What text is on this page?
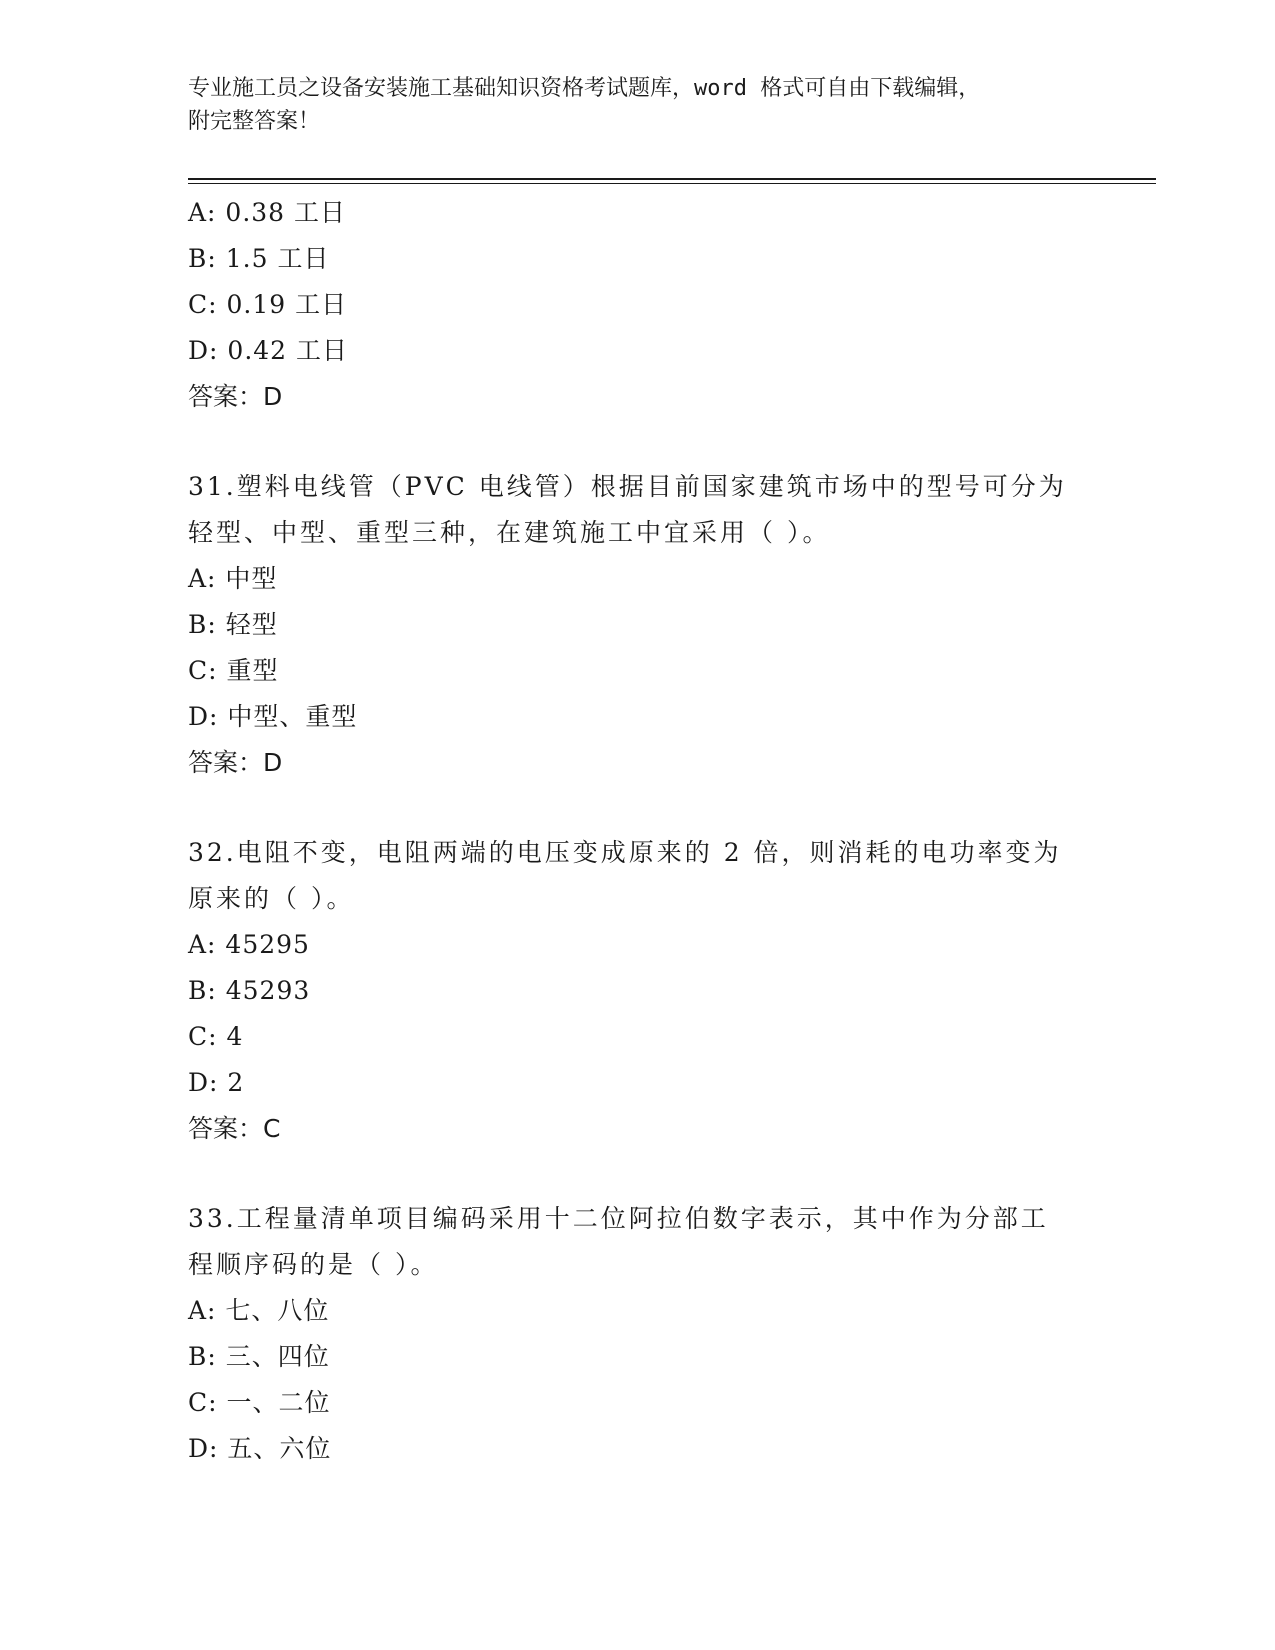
专业施工员之设备安装施工基础知识资格考试题库，word 格式可自由下载编辑，
附完整答案！
A: 0.38 工日
B: 1.5 工日
C: 0.19 工日
D: 0.42 工日
答案：D
31.塑料电线管（PVC 电线管）根据目前国家建筑市场中的型号可分为
轻型、中型、重型三种，在建筑施工中宜采用（ ）。
A: 中型
B: 轻型
C: 重型
D: 中型、重型
答案：D
32.电阻不变，电阻两端的电压变成原来的 2 倍，则消耗的电功率变为
原来的（ ）。
A: 45295
B: 45293
C: 4
D: 2
答案：C
33.工程量清单项目编码采用十二位阿拉伯数字表示，其中作为分部工
程顺序码的是（ ）。
A: 七、八位
B: 三、四位
C: 一、二位
D: 五、六位
